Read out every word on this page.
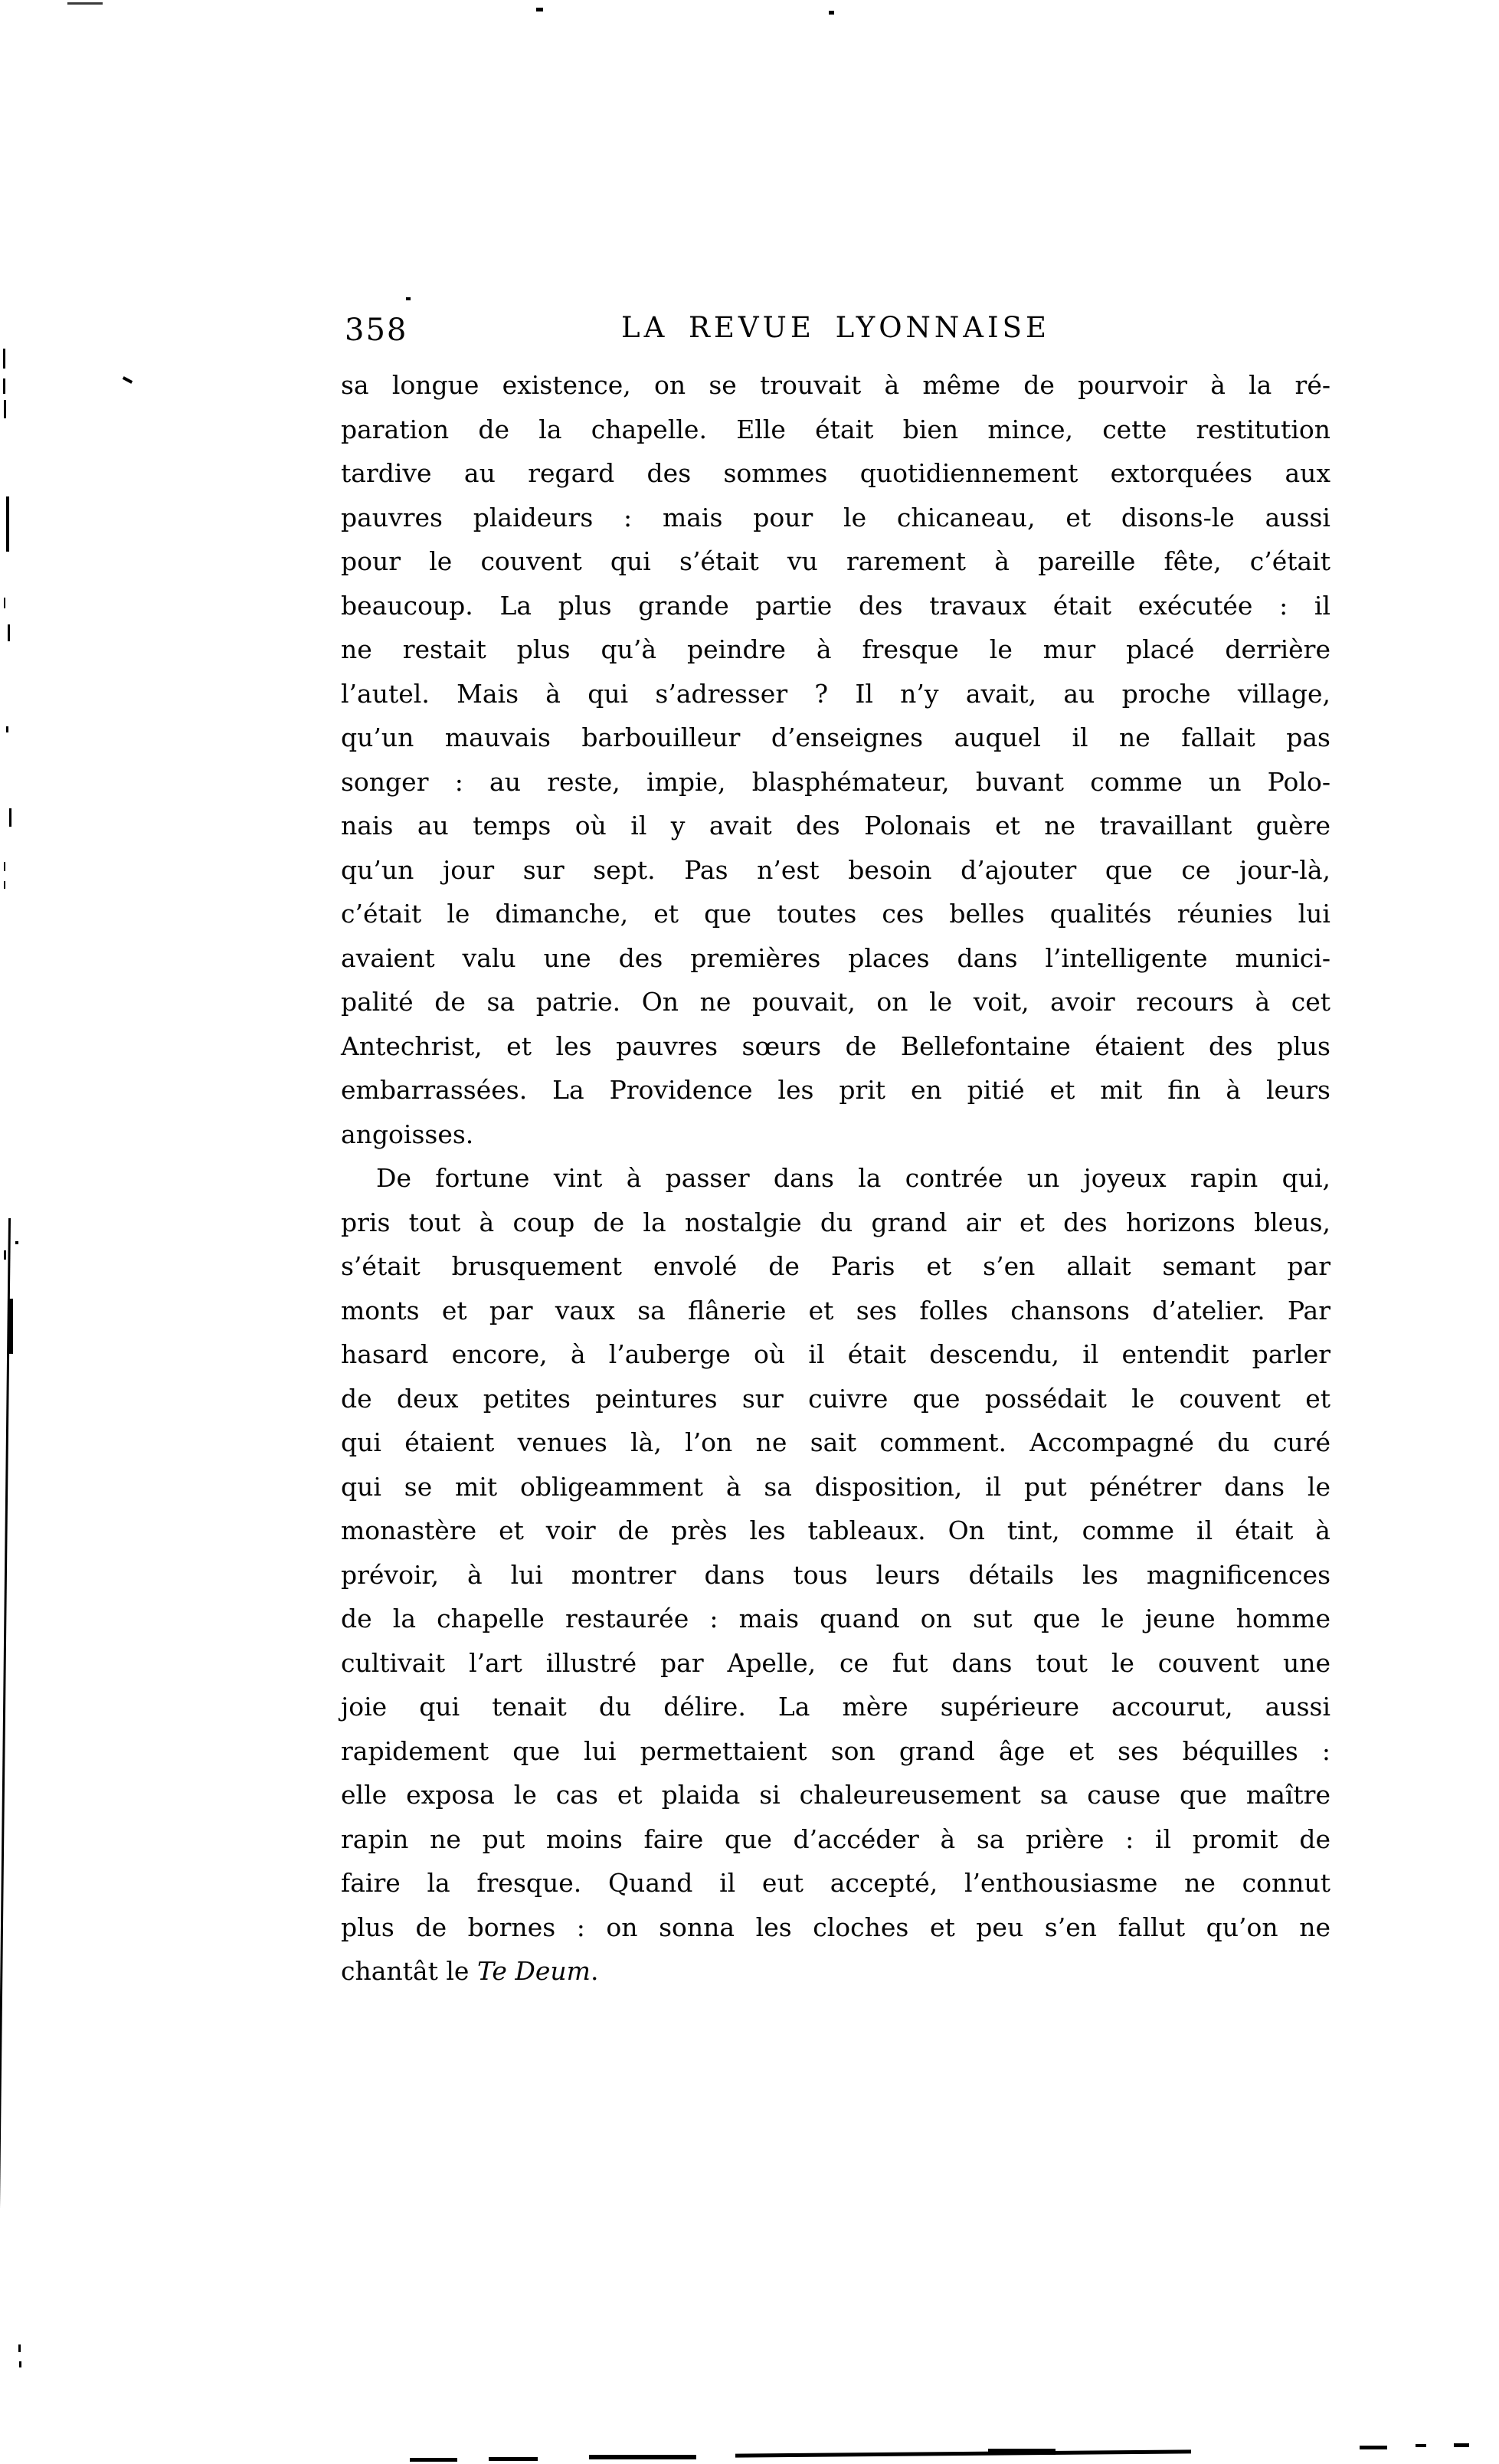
358	LA REVUE LYONNAISE
sa longue existence, on se trouvait à même de pourvoir à la ré-
paration de la chapelle. Elle était bien mince, cette restitution
tardive au regard des sommes quotidiennement extorquées aux
pauvres plaideurs : mais pour le chicaneau, et disons-le aussi
pour le couvent qui s’était vu rarement à pareille fête, c’était
beaucoup. La plus grande partie des travaux était exécutée : il
ne restait plus qu’à peindre à fresque le mur placé derrière
l’autel. Mais à qui s’adresser ? Il n’y avait, au proche village,
qu’un mauvais barbouilleur d’enseignes auquel il ne fallait pas
songer : au reste, impie, blasphémateur, buvant comme un Polo-
nais au temps où il y avait des Polonais et ne travaillant guère
qu’un jour sur sept. Pas n’est besoin d’ajouter que ce jour-là,
c’était le dimanche, et que toutes ces belles qualités réunies lui
avaient valu une des premières places dans l’intelligente munici-
palité de sa patrie. On ne pouvait, on le voit, avoir recours à cet
Antechrist, et les pauvres sœurs de Bellefontaine étaient des plus
embarrassées. La Providence les prit en pitié et mit fin à leurs
angoisses.
De fortune vint à passer dans la contrée un joyeux rapin qui,
pris tout à coup de la nostalgie du grand air et des horizons bleus,
s’était brusquement envolé de Paris et s’en allait semant par
monts et par vaux sa flânerie et ses folles chansons d’atelier. Par
hasard encore, à l’auberge où il était descendu, il entendit parler
de deux petites peintures sur cuivre que possédait le couvent et
qui étaient venues là, l’on ne sait comment. Accompagné du curé
qui se mit obligeamment à sa disposition, il put pénétrer dans le
monastère et voir de près les tableaux. On tint, comme il était à
prévoir, à lui montrer dans tous leurs détails les magnificences
de la chapelle restaurée : mais quand on sut que le jeune homme
cultivait l’art illustré par Apelle, ce fut dans tout le couvent une
joie qui tenait du délire. La mère supérieure accourut, aussi
rapidement que lui permettaient son grand âge et ses béquilles :
elle exposa le cas et plaida si chaleureusement sa cause que maître
rapin ne put moins faire que d’accéder à sa prière : il promit de
faire la fresque. Quand il eut accepté, l’enthousiasme ne connut
plus de bornes : on sonna les cloches et peu s’en fallut qu’on ne
chantât le Te Deum.
